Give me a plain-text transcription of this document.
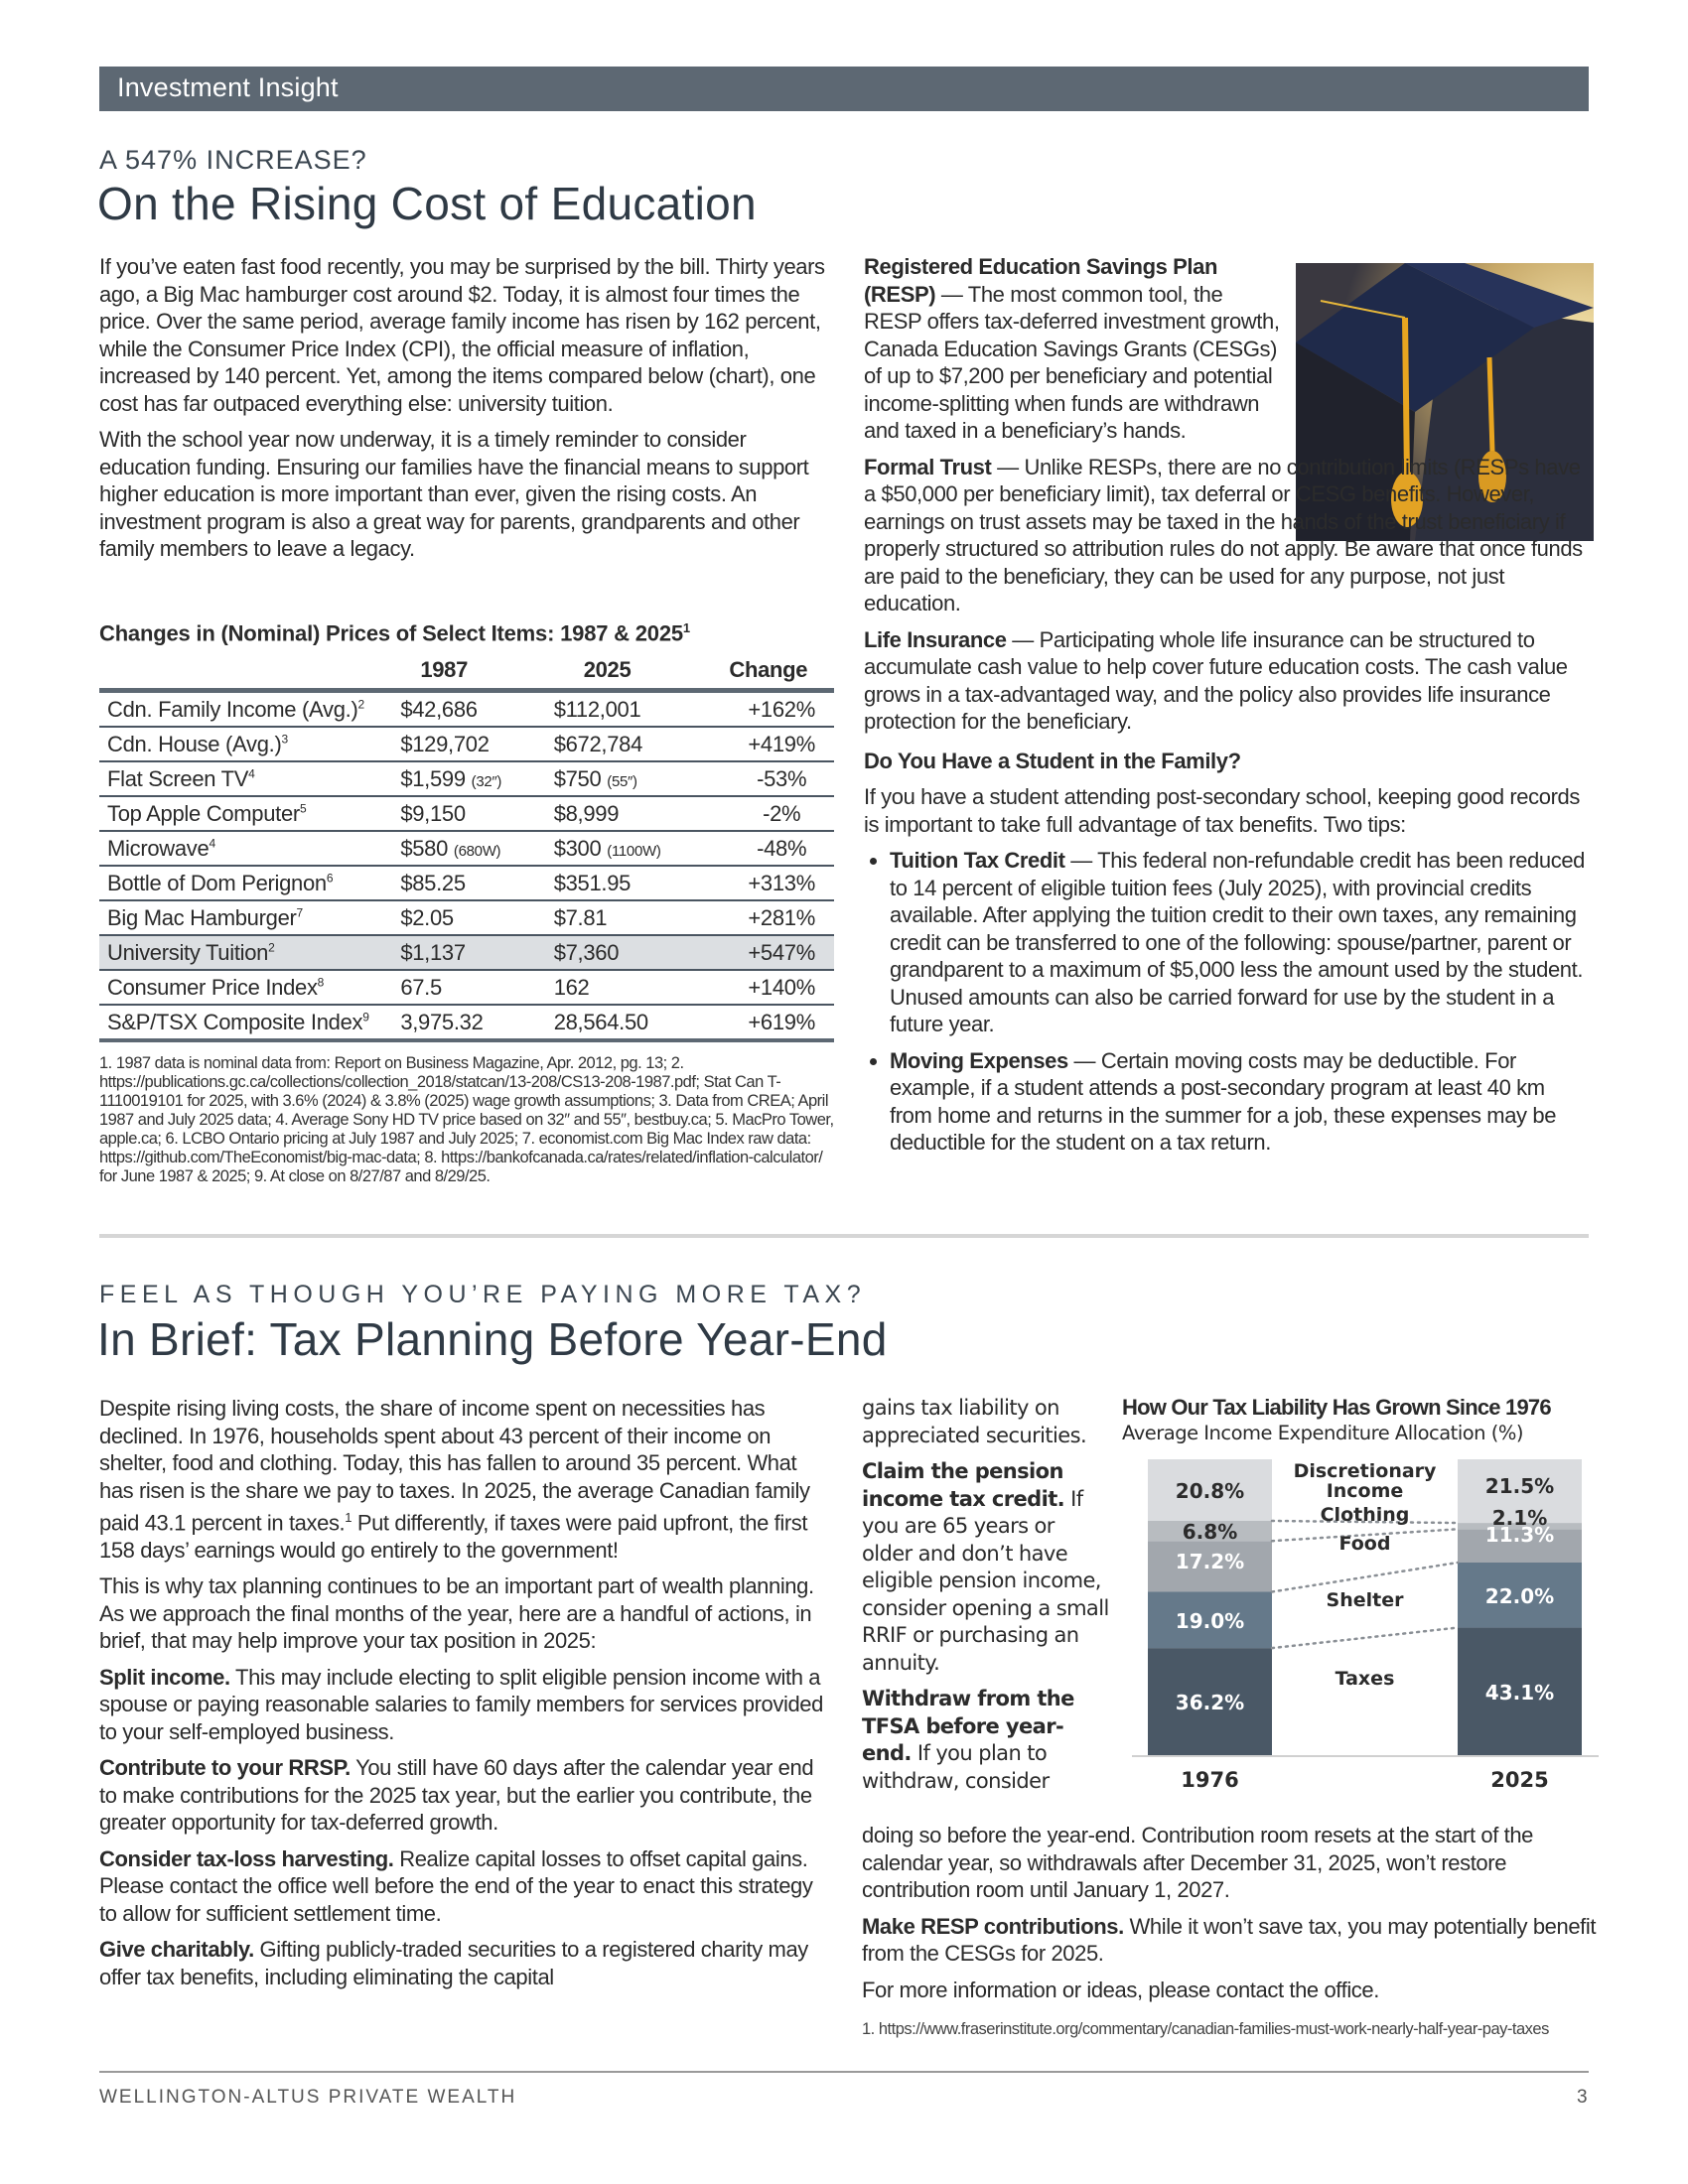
Investment Insight
A 547% INCREASE?
On the Rising Cost of Education

If you’ve eaten fast food recently, you may be surprised by the bill. Thirty years ago, a Big Mac hamburger cost around $2. Today, it is almost four times the price. Over the same period, average family income has risen by 162 percent, while the Consumer Price Index (CPI), the official measure of inflation, increased by 140 percent. Yet, among the items compared below (chart), one cost has far outpaced everything else: university tuition.

With the school year now underway, it is a timely reminder to consider education funding. Ensuring our families have the financial means to support higher education is more important than ever, given the rising costs. An investment program is also a great way for parents, grandparents and other family members to leave a legacy.

Changes in (Nominal) Prices of Select Items: 1987 & 2025$^1$
	1987	2025	Change
Cdn. Family Income $(Avg.)^2$	$42,686	$112,001	+162%
Cdn. House $(Avg.)^3$	$129,702	$672,784	+419%
Flat Screen $TV^4$	$1,599 (32″)	$750 (55″)	-53%
Top Apple Computer$^5$	$9,150	$8,999	-2%
Microwave$^4$	$580 (680W)	$300 (1100W)	-48%
Bottle of Dom Perignon$^6$	$85.25	$351.95	+313%
Big Mac Hamburger$^7$	$2.05	$7.81	+281%
University Tuition$^2$	$1,137	$7,360	+547%
Consumer Price Index$^8$	67.5	162	+140%
S&P/TSX Composite Index$^9$	3,975.32	28,564.50	+619%
1. 1987 data is nominal data from: Report on Business Magazine, Apr. 2012, pg. 13; 2. https://publications.gc.ca/collections/collection_2018/statcan/13-208/CS13-208-1987.pdf; Stat Can T-1110019101 for 2025, with 3.6% (2024) & 3.8% (2025) wage growth assumptions; 3. Data from CREA; April 1987 and July 2025 data; 4. Average Sony HD TV price based on 32″ and 55″, bestbuy.ca; 5. MacPro Tower, apple.ca; 6. LCBO Ontario pricing at July 1987 and July 2025; 7. economist.com Big Mac Index raw data: https://github.com/TheEconomist/big-mac-data; 8. https://bankofcanada.ca/rates/related/inflation-calculator/ for June 1987 & 2025; 9. At close on 8/27/87 and 8/29/25.

Registered Education Savings Plan (RESP) — The most common tool, the RESP offers tax-deferred investment growth, Canada Education Savings Grants (CESGs) of up to $7,200 per beneficiary and potential income-splitting when funds are withdrawn and taxed in a beneficiary’s hands.

Formal Trust — Unlike RESPs, there are no contribution limits (RESPs have a $50,000 per beneficiary limit), tax deferral or CESG benefits. However, earnings on trust assets may be taxed in the hands of the trust beneficiary if properly structured so attribution rules do not apply. Be aware that once funds are paid to the beneficiary, they can be used for any purpose, not just education.

Life Insurance — Participating whole life insurance can be structured to accumulate cash value to help cover future education costs. The cash value grows in a tax-advantaged way, and the policy also provides life insurance protection for the beneficiary.

Do You Have a Student in the Family?

If you have a student attending post-secondary school, keeping good records is important to take full advantage of tax benefits. Two tips:

• Tuition Tax Credit — This federal non-refundable credit has been reduced to 14 percent of eligible tuition fees (July 2025), with provincial credits available. After applying the tuition credit to their own taxes, any remaining credit can be transferred to one of the following: spouse/partner, parent or grandparent to a maximum of $5,000 less the amount used by the student. Unused amounts can also be carried forward for use by the student in a future year.
• Moving Expenses — Certain moving costs may be deductible. For example, if a student attends a post-secondary program at least 40 km from home and returns in the summer for a job, these expenses may be deductible for the student on a tax return.
FEEL AS THOUGH YOU’RE PAYING MORE TAX?
In Brief: Tax Planning Before Year-End

Despite rising living costs, the share of income spent on necessities has declined. In 1976, households spent about 43 percent of their income on shelter, food and clothing. Today, this has fallen to around 35 percent. What has risen is the share we pay to taxes. In 2025, the average Canadian family paid 43.1 percent in taxes.$^1$ Put differently, if taxes were paid upfront, the first 158 days’ earnings would go entirely to the government!

This is why tax planning continues to be an important part of wealth planning. As we approach the final months of the year, here are a handful of actions, in brief, that may help improve your tax position in 2025:

Split income. This may include electing to split eligible pension income with a spouse or paying reasonable salaries to family members for services provided to your self-employed business.

Contribute to your RRSP. You still have 60 days after the calendar year end to make contributions for the 2025 tax year, but the earlier you contribute, the greater opportunity for tax-deferred growth.

Consider tax-loss harvesting. Realize capital losses to offset capital gains. Please contact the office well before the end of the year to enact this strategy to allow for sufficient settlement time.

Give charitably. Gifting publicly-traded securities to a registered charity may offer tax benefits, including eliminating the capital

gains tax liability on appreciated securities.

Claim the pension income tax credit. If you are 65 years or older and don’t have eligible pension income, consider opening a small RRIF or purchasing an annuity.

Withdraw from the TFSA before year-end. If you plan to withdraw, consider

How Our Tax Liability Has Grown Since 1976
Average Income Expenditure Allocation (%)
36.2%
19.0%
17.2%
6.8%
20.8%
43.1%
22.0%
11.3%
2.1%
21.5%
Taxes
Shelter
Food
Clothing
Discretionary
Income
1976	2025

doing so before the year-end. Contribution room resets at the start of the calendar year, so withdrawals after December 31, 2025, won’t restore contribution room until January 1, 2027.

Make RESP contributions. While it won’t save tax, you may potentially benefit from the CESGs for 2025.

For more information or ideas, please contact the office.

1. https://www.fraserinstitute.org/commentary/canadian-families-must-work-nearly-half-year-pay-taxes
WELLINGTON-ALTUS PRIVATE WEALTH	3
